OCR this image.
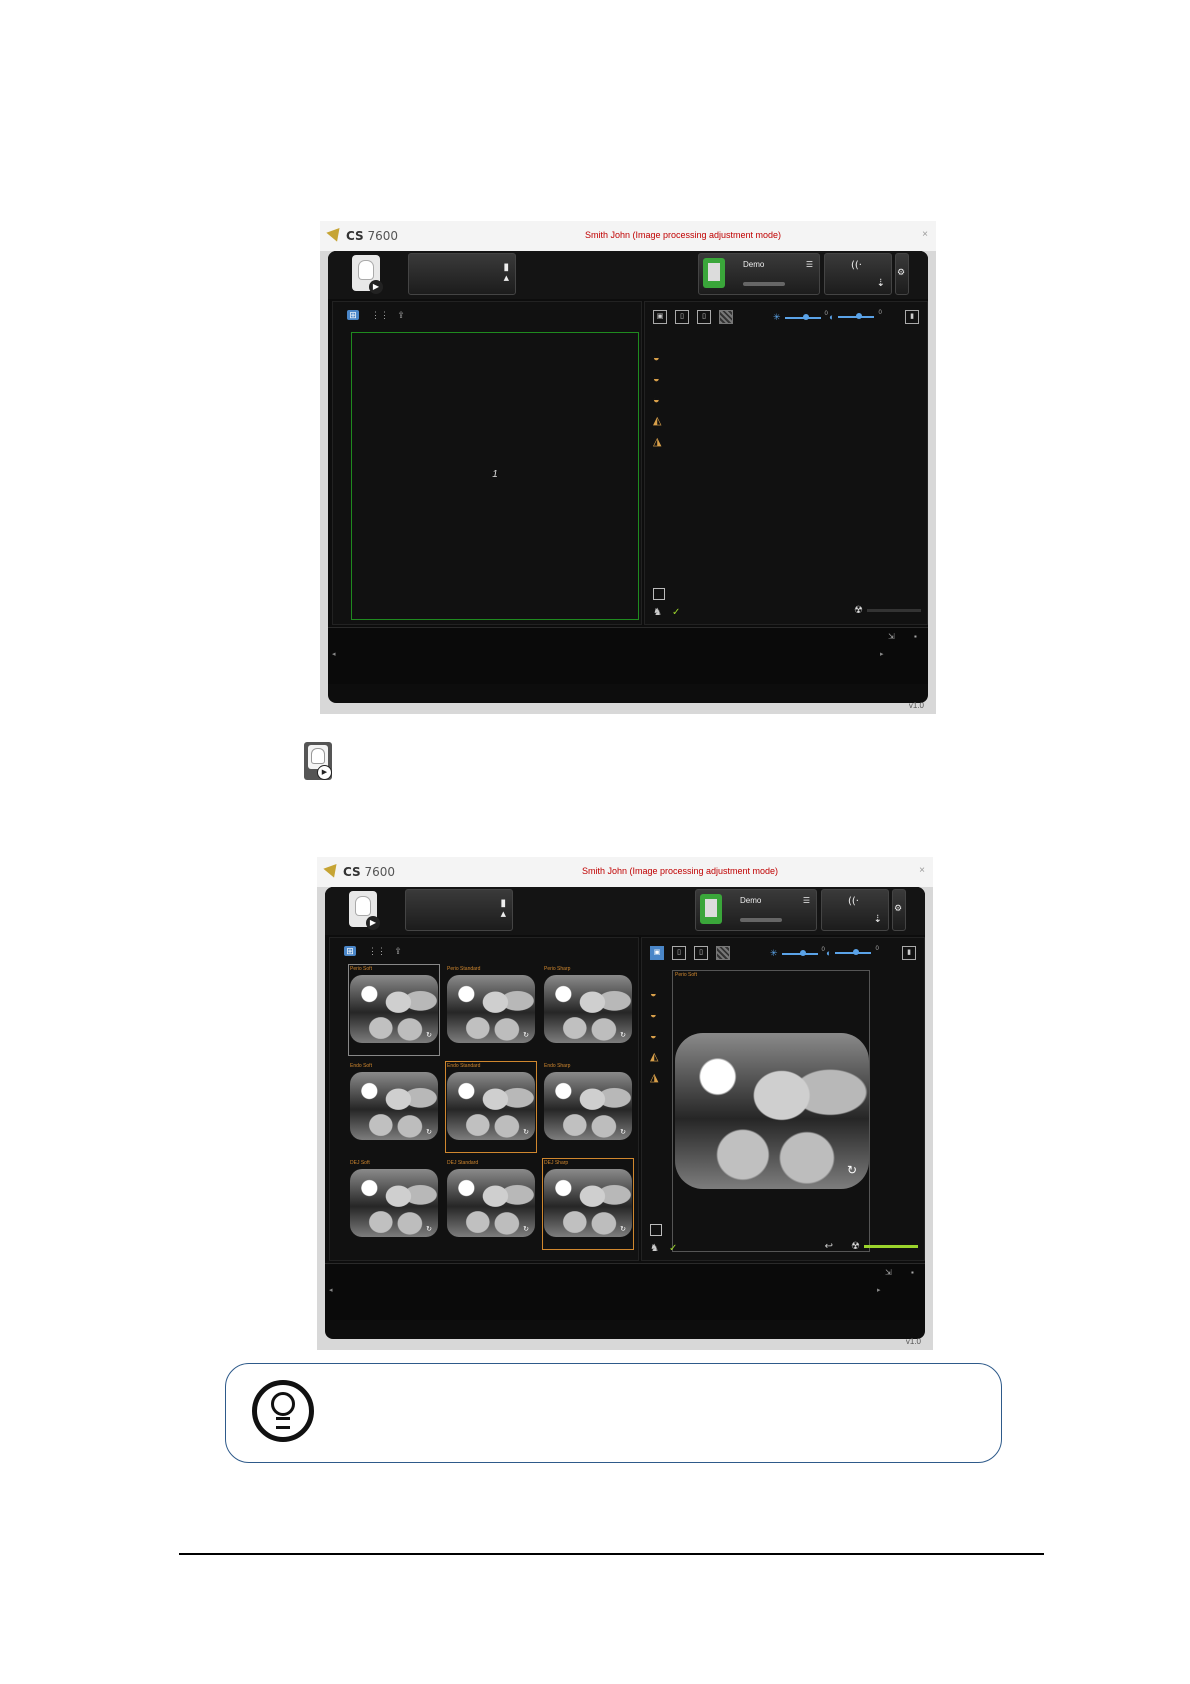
CS 7600	Smith John (Image processing adjustment mode)	×
▶
▮
▲
Demo	☰	((·
⇣
⚙
⊞ ⋮⋮ ⇪
1
▣	▯	▯	✳	0 ◐	0	▮
◒
◒
◒
◭
◮
♞ ✓	☢
◂	▸
⇲ ▪
v1.0
▶
CS 7600	Smith John (Image processing adjustment mode)	×
▶
▮
▲
Demo	☰	((·
⇣
⚙
⊞ ⋮⋮ ⇪
Perio Soft
↻
Perio Standard
↻
Perio Sharp
↻
Endo Soft
↻
Endo Standard
↻
Endo Sharp
↻
DEJ Soft
↻
DEJ Standard
↻
DEJ Sharp
↻
▣	▯	▯	✳	0 ◐	0	▮
◒
◒
◒
◭
◮
Perio Soft
↻
♞ ✓	↩ ☢
◂	▸
⇲ ▪
v1.0
